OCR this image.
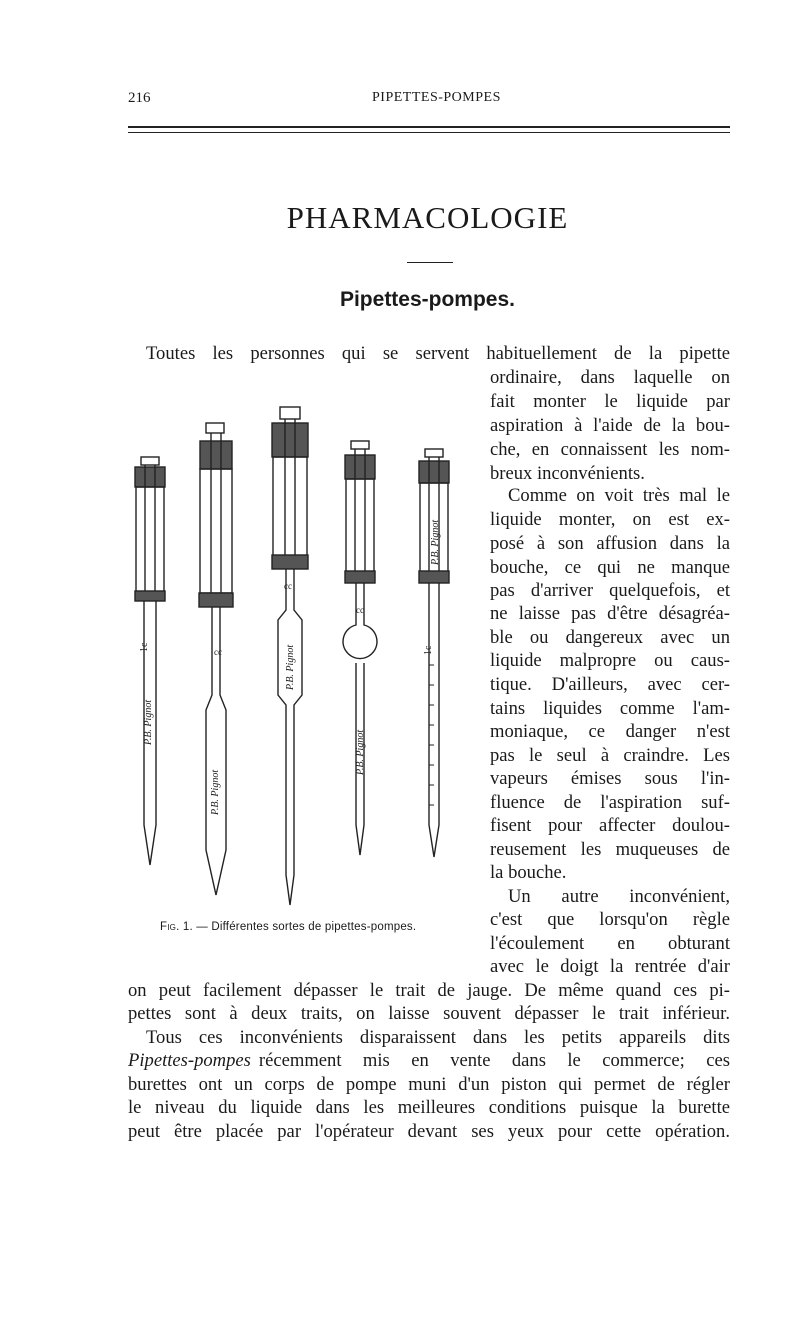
216	PIPETTES-POMPES
PHARMACOLOGIE
Pipettes-pompes.
1c
P.B. Pignot
cc
P.B. Pignot
cc
P.B. Pignot
cc
P.B. Pignot
1c
P.B. Pignot
Fig. 1. — Différentes sortes de pipettes-pompes.
Toutes les personnes qui se servent habituellement de la pipette
ordinaire, dans laquelle on
fait monter le liquide par
aspiration à l'aide de la bou-
che, en connaissent les nom-
breux inconvénients.
Comme on voit très mal le
liquide monter, on est ex-
posé à son affusion dans la
bouche, ce qui ne manque
pas d'arriver quelquefois, et
ne laisse pas d'être désagréa-
ble ou dangereux avec un
liquide malpropre ou caus-
tique. D'ailleurs, avec cer-
tains liquides comme l'am-
moniaque, ce danger n'est
pas le seul à craindre. Les
vapeurs émises sous l'in-
fluence de l'aspiration suf-
fisent pour affecter doulou-
reusement les muqueuses de
la bouche.
Un autre inconvénient,
c'est que lorsqu'on règle
l'écoulement en obturant
avec le doigt la rentrée d'air
on peut facilement dépasser le trait de jauge. De même quand ces pi-
pettes sont à deux traits, on laisse souvent dépasser le trait inférieur.
Tous ces inconvénients disparaissent dans les petits appareils dits
Pipettes-pompes récemment mis en vente dans le commerce; ces
burettes ont un corps de pompe muni d'un piston qui permet de régler
le niveau du liquide dans les meilleures conditions puisque la burette
peut être placée par l'opérateur devant ses yeux pour cette opération.
